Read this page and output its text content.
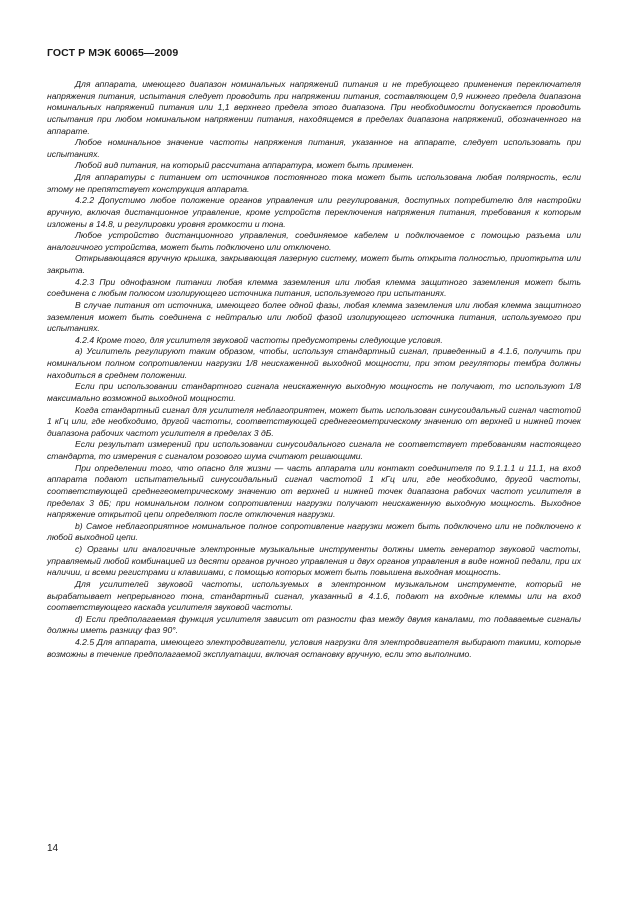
ГОСТ Р МЭК 60065—2009

Для аппарата, имеющего диапазон номинальных напряжений питания и не требующего применения переключателя напряжения питания, испытания следует проводить при напряжении питания, составляющем 0,9 нижнего предела диапазона номинальных напряжений питания или 1,1 верхнего предела этого диапазона. При необходимости допускается проводить испытания при любом номинальном напряжении питания, находящемся в пределах диапазона напряжений, обозначенного на аппарате.

Любое номинальное значение частоты напряжения питания, указанное на аппарате, следует использовать при испытаниях.

Любой вид питания, на который рассчитана аппаратура, может быть применен.

Для аппаратуры с питанием от источников постоянного тока может быть использована любая полярность, если этому не препятствует конструкция аппарата.

4.2.2 Допустимо любое положение органов управления или регулирования, доступных потребителю для настройки вручную, включая дистанционное управление, кроме устройств переключения напряжения питания, требования к которым изложены в 14.8, и регулировки уровня громкости и тона.

Любое устройство дистанционного управления, соединяемое кабелем и подключаемое с помощью разъема или аналогичного устройства, может быть подключено или отключено.

Открывающаяся вручную крышка, закрывающая лазерную систему, может быть открыта полностью, приоткрыта или закрыта.

4.2.3 При однофазном питании любая клемма заземления или любая клемма защитного заземления может быть соединена с любым полюсом изолирующего источника питания, используемого при испытаниях.

В случае питания от источника, имеющего более одной фазы, любая клемма заземления или любая клемма защитного заземления может быть соединена с нейтралью или любой фазой изолирующего источника питания, используемого при испытаниях.

4.2.4 Кроме того, для усилителя звуковой частоты предусмотрены следующие условия.

а) Усилитель регулируют таким образом, чтобы, используя стандартный сигнал, приведенный в 4.1.6, получить при номинальном полном сопротивлении нагрузки 1/8 неискаженной выходной мощности, при этом регуляторы тембра должны находиться в среднем положении.

Если при использовании стандартного сигнала неискаженную выходную мощность не получают, то используют 1/8 максимально возможной выходной мощности.

Когда стандартный сигнал для усилителя неблагоприятен, может быть использован синусоидальный сигнал частотой 1 кГц или, где необходимо, другой частоты, соответствующей среднегеометрическому значению от верхней и нижней точек диапазона рабочих частот усилителя в пределах 3 дБ.

Если результат измерений при использовании синусоидального сигнала не соответствует требованиям настоящего стандарта, то измерения с сигналом розового шума считают решающими.

При определении того, что опасно для жизни — часть аппарата или контакт соединителя по 9.1.1.1 и 11.1, на вход аппарата подают испытательный синусоидальный сигнал частотой 1 кГц или, где необходимо, другой частоты, соответствующей среднегеометрическому значению от верхней и нижней точек диапазона рабочих частот усилителя в пределах 3 дБ; при номинальном полном сопротивлении нагрузки получают неискаженную выходную мощность. Выходное напряжение открытой цепи определяют после отключения нагрузки.

b) Самое неблагоприятное номинальное полное сопротивление нагрузки может быть подключено или не подключено к любой выходной цепи.

c) Органы или аналогичные электронные музыкальные инструменты должны иметь генератор звуковой частоты, управляемый любой комбинацией из десяти органов ручного управления и двух органов управления в виде ножной педали, при их наличии, и всеми регистрами и клавишами, с помощью которых может быть повышена выходная мощность.

Для усилителей звуковой частоты, используемых в электронном музыкальном инструменте, который не вырабатывает непрерывного тона, стандартный сигнал, указанный в 4.1.6, подают на входные клеммы или на вход соответствующего каскада усилителя звуковой частоты.

d) Если предполагаемая функция усилителя зависит от разности фаз между двумя каналами, то подаваемые сигналы должны иметь разницу фаз 90°.

4.2.5 Для аппарата, имеющего электродвигатели, условия нагрузки для электродвигателя выбирают такими, которые возможны в течение предполагаемой эксплуатации, включая остановку вручную, если это выполнимо.

14
